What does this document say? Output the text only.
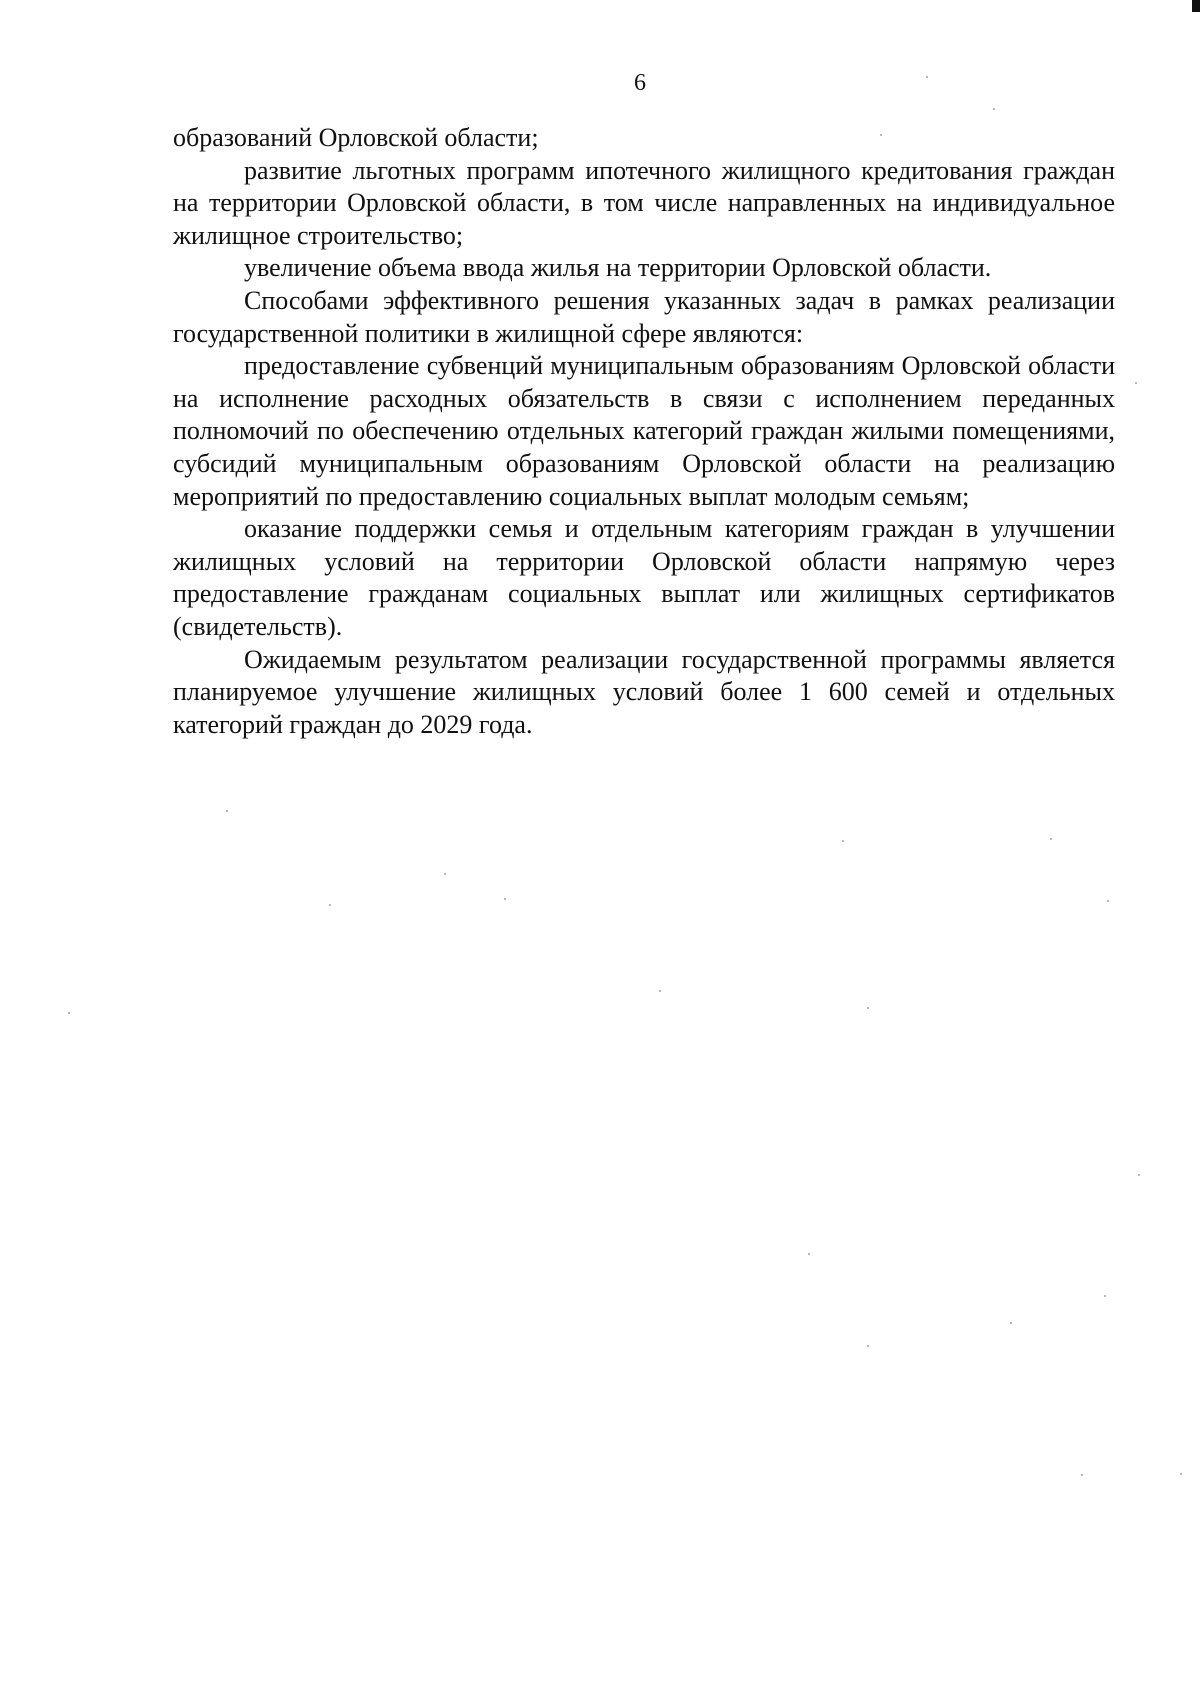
6

образований Орловской области;

развитие льготных программ ипотечного жилищного кредитования граждан на территории Орловской области, в том числе направленных на индивидуальное жилищное строительство;

увеличение объема ввода жилья на территории Орловской области.

Способами эффективного решения указанных задач в рамках реализации государственной политики в жилищной сфере являются:

предоставление субвенций муниципальным образованиям Орловской области на исполнение расходных обязательств в связи с исполнением переданных полномочий по обеспечению отдельных категорий граждан жилыми помещениями, субсидий муниципальным образованиям Орловской области на реализацию мероприятий по предоставлению социальных выплат молодым семьям;

оказание поддержки семья и отдельным категориям граждан в улучшении жилищных условий на территории Орловской области напрямую через предоставление гражданам социальных выплат или жилищных сертификатов (свидетельств).

Ожидаемым результатом реализации государственной программы является планируемое улучшение жилищных условий более 1 600 семей и отдельных категорий граждан до 2029 года.
